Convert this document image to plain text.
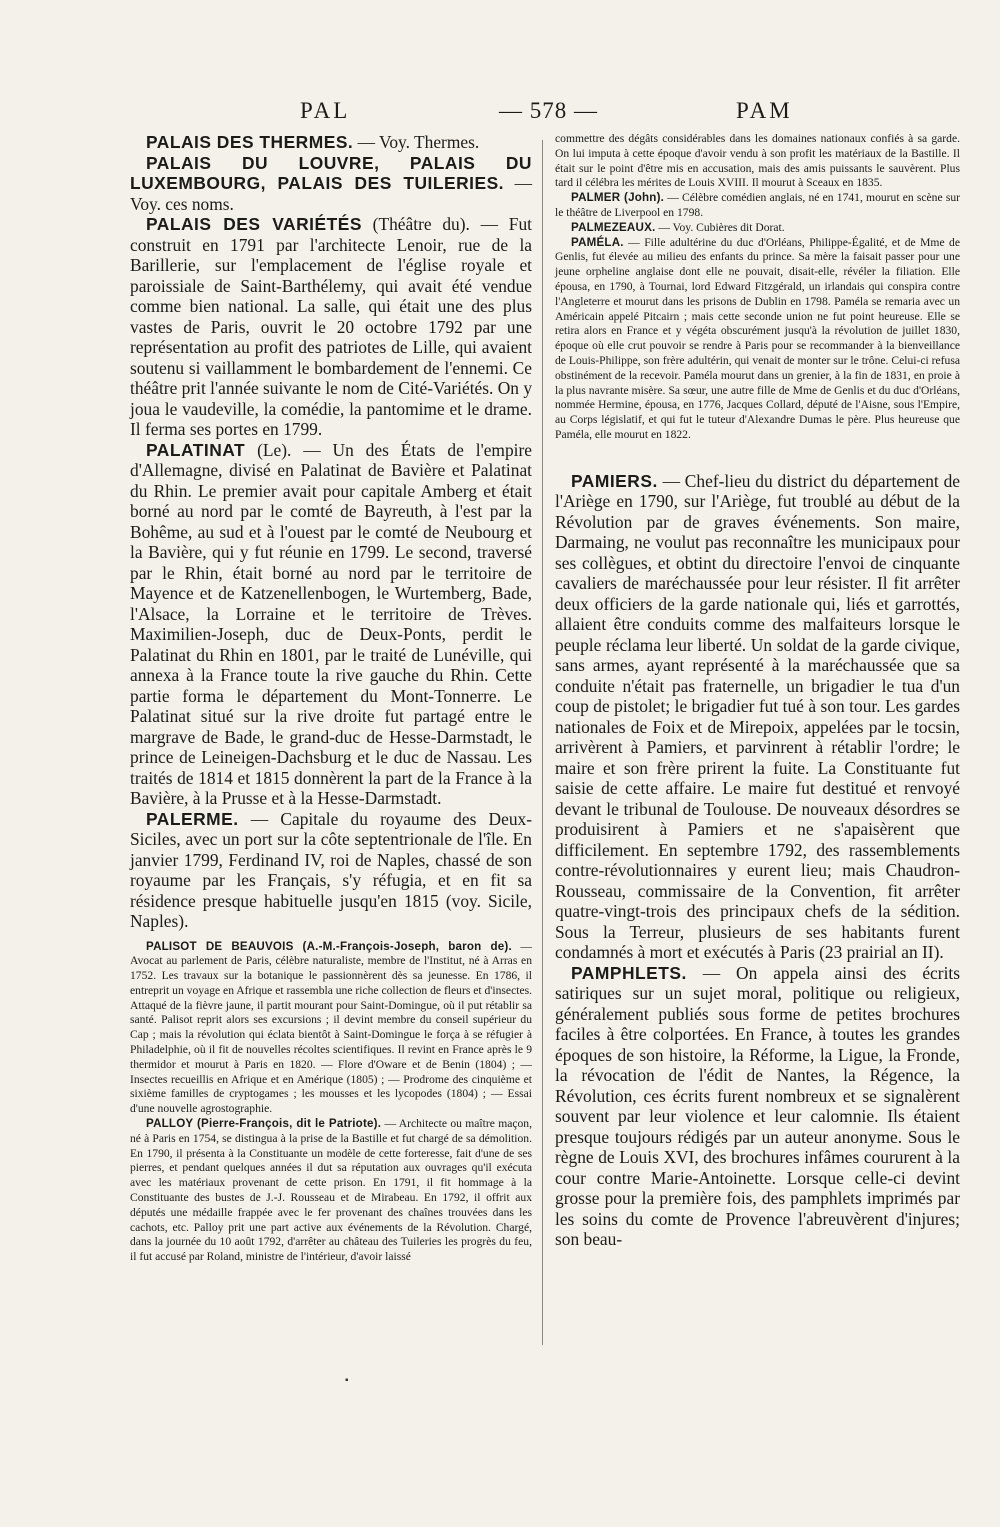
PAL	— 578 —	PAM

PALAIS DES THERMES. — Voy. Thermes.

PALAIS DU LOUVRE, PALAIS DU LUXEMBOURG, PALAIS DES TUILERIES. — Voy. ces noms.

PALAIS DES VARIÉTÉS (Théâtre du). — Fut construit en 1791 par l'architecte Lenoir, rue de la Barillerie, sur l'emplacement de l'église royale et paroissiale de Saint-Barthélemy, qui avait été vendue comme bien national. La salle, qui était une des plus vastes de Paris, ouvrit le 20 octobre 1792 par une représentation au profit des patriotes de Lille, qui avaient soutenu si vaillamment le bombardement de l'ennemi. Ce théâtre prit l'année suivante le nom de Cité-Variétés. On y joua le vaudeville, la comédie, la pantomime et le drame. Il ferma ses portes en 1799.

PALATINAT (Le). — Un des États de l'empire d'Allemagne, divisé en Palatinat de Bavière et Palatinat du Rhin. Le premier avait pour capitale Amberg et était borné au nord par le comté de Bayreuth, à l'est par la Bohême, au sud et à l'ouest par le comté de Neubourg et la Bavière, qui y fut réunie en 1799. Le second, traversé par le Rhin, était borné au nord par le territoire de Mayence et de Katzenellenbogen, le Wurtemberg, Bade, l'Alsace, la Lorraine et le territoire de Trèves. Maximilien-Joseph, duc de Deux-Ponts, perdit le Palatinat du Rhin en 1801, par le traité de Lunéville, qui annexa à la France toute la rive gauche du Rhin. Cette partie forma le département du Mont-Tonnerre. Le Palatinat situé sur la rive droite fut partagé entre le margrave de Bade, le grand-duc de Hesse-Darmstadt, le prince de Leineigen-Dachsburg et le duc de Nassau. Les traités de 1814 et 1815 donnèrent la part de la France à la Bavière, à la Prusse et à la Hesse-Darmstadt.

PALERME. — Capitale du royaume des Deux-Siciles, avec un port sur la côte septentrionale de l'île. En janvier 1799, Ferdinand IV, roi de Naples, chassé de son royaume par les Français, s'y réfugia, et en fit sa résidence presque habituelle jusqu'en 1815 (voy. Sicile, Naples).

PALISOT DE BEAUVOIS (A.-M.-François-Joseph, baron de). — Avocat au parlement de Paris, célèbre naturaliste, membre de l'Institut, né à Arras en 1752. Les travaux sur la botanique le passionnèrent dès sa jeunesse. En 1786, il entreprit un voyage en Afrique et rassembla une riche collection de fleurs et d'insectes. Attaqué de la fièvre jaune, il partit mourant pour Saint-Domingue, où il put rétablir sa santé. Palisot reprit alors ses excursions ; il devint membre du conseil supérieur du Cap ; mais la révolution qui éclata bientôt à Saint-Domingue le força à se réfugier à Philadelphie, où il fit de nouvelles récoltes scientifiques. Il revint en France après le 9 thermidor et mourut à Paris en 1820. — Flore d'Oware et de Benin (1804) ; — Insectes recueillis en Afrique et en Amérique (1805) ; — Prodrome des cinquième et sixième familles de cryptogames ; les mousses et les lycopodes (1804) ; — Essai d'une nouvelle agrostographie.

PALLOY (Pierre-François, dit le Patriote). — Architecte ou maître maçon, né à Paris en 1754, se distingua à la prise de la Bastille et fut chargé de sa démolition. En 1790, il présenta à la Constituante un modèle de cette forteresse, fait d'une de ses pierres, et pendant quelques années il dut sa réputation aux ouvrages qu'il exécuta avec les matériaux provenant de cette prison. En 1791, il fit hommage à la Constituante des bustes de J.-J. Rousseau et de Mirabeau. En 1792, il offrit aux députés une médaille frappée avec le fer provenant des chaînes trouvées dans les cachots, etc. Palloy prit une part active aux événements de la Révolution. Chargé, dans la journée du 10 août 1792, d'arrêter au château des Tuileries les progrès du feu, il fut accusé par Roland, ministre de l'intérieur, d'avoir laissé

commettre des dégâts considérables dans les domaines nationaux confiés à sa garde. On lui imputa à cette époque d'avoir vendu à son profit les matériaux de la Bastille. Il était sur le point d'être mis en accusation, mais des amis puissants le sauvèrent. Plus tard il célébra les mérites de Louis XVIII. Il mourut à Sceaux en 1835.

PALMER (John). — Célèbre comédien anglais, né en 1741, mourut en scène sur le théâtre de Liverpool en 1798.

PALMEZEAUX. — Voy. Cubières dit Dorat.

PAMÉLA. — Fille adultérine du duc d'Orléans, Philippe-Égalité, et de Mme de Genlis, fut élevée au milieu des enfants du prince. Sa mère la faisait passer pour une jeune orpheline anglaise dont elle ne pouvait, disait-elle, révéler la filiation. Elle épousa, en 1790, à Tournai, lord Edward Fitzgérald, un irlandais qui conspira contre l'Angleterre et mourut dans les prisons de Dublin en 1798. Paméla se remaria avec un Américain appelé Pitcairn ; mais cette seconde union ne fut point heureuse. Elle se retira alors en France et y végéta obscurément jusqu'à la révolution de juillet 1830, époque où elle crut pouvoir se rendre à Paris pour se recommander à la bienveillance de Louis-Philippe, son frère adultérin, qui venait de monter sur le trône. Celui-ci refusa obstinément de la recevoir. Paméla mourut dans un grenier, à la fin de 1831, en proie à la plus navrante misère. Sa sœur, une autre fille de Mme de Genlis et du duc d'Orléans, nommée Hermine, épousa, en 1776, Jacques Collard, député de l'Aisne, sous l'Empire, au Corps législatif, et qui fut le tuteur d'Alexandre Dumas le père. Plus heureuse que Paméla, elle mourut en 1822.

PAMIERS. — Chef-lieu du district du département de l'Ariège en 1790, sur l'Ariège, fut troublé au début de la Révolution par de graves événements. Son maire, Darmaing, ne voulut pas reconnaître les municipaux pour ses collègues, et obtint du directoire l'envoi de cinquante cavaliers de maréchaussée pour leur résister. Il fit arrêter deux officiers de la garde nationale qui, liés et garrottés, allaient être conduits comme des malfaiteurs lorsque le peuple réclama leur liberté. Un soldat de la garde civique, sans armes, ayant représenté à la maréchaussée que sa conduite n'était pas fraternelle, un brigadier le tua d'un coup de pistolet; le brigadier fut tué à son tour. Les gardes nationales de Foix et de Mirepoix, appelées par le tocsin, arrivèrent à Pamiers, et parvinrent à rétablir l'ordre; le maire et son frère prirent la fuite. La Constituante fut saisie de cette affaire. Le maire fut destitué et renvoyé devant le tribunal de Toulouse. De nouveaux désordres se produisirent à Pamiers et ne s'apaisèrent que difficilement. En septembre 1792, des rassemblements contre-révolutionnaires y eurent lieu; mais Chaudron-Rousseau, commissaire de la Convention, fit arrêter quatre-vingt-trois des principaux chefs de la sédition. Sous la Terreur, plusieurs de ses habitants furent condamnés à mort et exécutés à Paris (23 prairial an II).

PAMPHLETS. — On appela ainsi des écrits satiriques sur un sujet moral, politique ou religieux, généralement publiés sous forme de petites brochures faciles à être colportées. En France, à toutes les grandes époques de son histoire, la Réforme, la Ligue, la Fronde, la révocation de l'édit de Nantes, la Régence, la Révolution, ces écrits furent nombreux et se signalèrent souvent par leur violence et leur calomnie. Ils étaient presque toujours rédigés par un auteur anonyme. Sous le règne de Louis XVI, des brochures infâmes coururent à la cour contre Marie-Antoinette. Lorsque celle-ci devint grosse pour la première fois, des pamphlets imprimés par les soins du comte de Provence l'abreuvèrent d'injures; son beau-

▪
